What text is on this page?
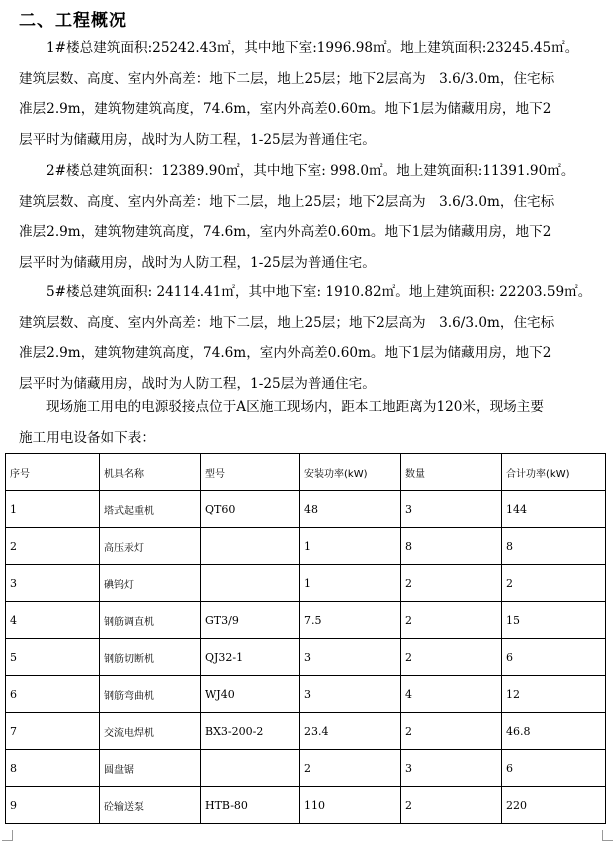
二、工程概况
1#楼总建筑面积:25242.43㎡，其中地下室:1996.98㎡。地上建筑面积:23245.45㎡。
建筑层数、高度、室内外高差：地下二层，地上25层；地下2层高为　3.6/3.0m，住宅标
准层2.9m，建筑物建筑高度，74.6m，室内外高差0.60m。地下1层为储藏用房，地下2
层平时为储藏用房，战时为人防工程，1-25层为普通住宅。
2#楼总建筑面积：12389.90㎡，其中地下室: 998.0㎡。地上建筑面积:11391.90㎡。
建筑层数、高度、室内外高差：地下二层，地上25层；地下2层高为　3.6/3.0m，住宅标
准层2.9m，建筑物建筑高度，74.6m，室内外高差0.60m。地下1层为储藏用房，地下2
层平时为储藏用房，战时为人防工程，1-25层为普通住宅。
5#楼总建筑面积: 24114.41㎡，其中地下室: 1910.82㎡。地上建筑面积: 22203.59㎡。
建筑层数、高度、室内外高差：地下二层，地上25层；地下2层高为　3.6/3.0m，住宅标
准层2.9m，建筑物建筑高度，74.6m，室内外高差0.60m。地下1层为储藏用房，地下2
层平时为储藏用房，战时为人防工程，1-25层为普通住宅。
现场施工用电的电源驳接点位于A区施工现场内，距本工地距离为120米，现场主要
施工用电设备如下表：
序号	机具名称	型号	安装功率(kW)	数量	合计功率(kW)
1	塔式起重机	QT60	48	3	144
2	高压汞灯		1	8	8
3	碘钨灯		1	2	2
4	钢筋调直机	GT3/9	7.5	2	15
5	钢筋切断机	QJ32-1	3	2	6
6	钢筋弯曲机	WJ40	3	4	12
7	交流电焊机	BX3-200-2	23.4	2	46.8
8	圆盘锯		2	3	6
9	砼输送泵	HTB-80	110	2	220
